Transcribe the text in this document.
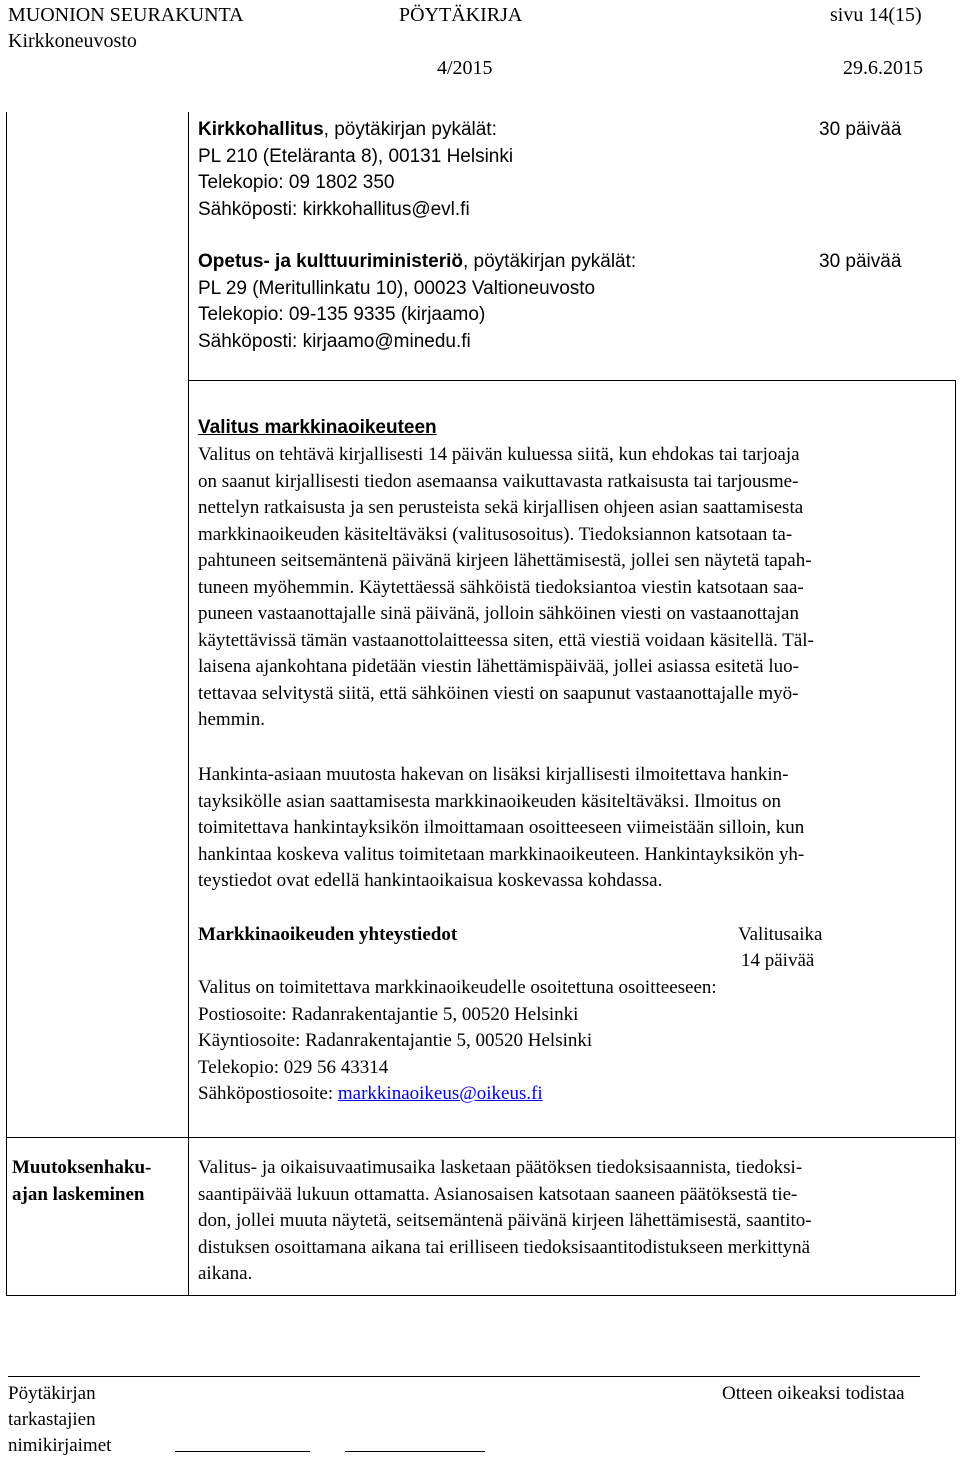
MUONION SEURAKUNTA
Kirkkoneuvosto
PÖYTÄKIRJA	sivu 14(15)
4/2015	29.6.2015
Kirkkohallitus, pöytäkirjan pykälät:
PL 210 (Eteläranta 8), 00131 Helsinki
Telekopio: 09 1802 350
Sähköposti: kirkkohallitus@evl.fi
30 päivää
Opetus- ja kulttuuriministeriö, pöytäkirjan pykälät:
PL 29 (Meritullinkatu 10), 00023 Valtioneuvosto
Telekopio: 09-135 9335 (kirjaamo)
Sähköposti: kirjaamo@minedu.fi
30 päivää
Valitus markkinaoikeuteen
Valitus on tehtävä kirjallisesti 14 päivän kuluessa siitä, kun ehdokas tai tarjoaja
on saanut kirjallisesti tiedon asemaansa vaikuttavasta ratkaisusta tai tarjousme-
nettelyn ratkaisusta ja sen perusteista sekä kirjallisen ohjeen asian saattamisesta
markkinaoikeuden käsiteltäväksi (valitusosoitus). Tiedoksiannon katsotaan ta-
pahtuneen seitsemäntenä päivänä kirjeen lähettämisestä, jollei sen näytetä tapah-
tuneen myöhemmin. Käytettäessä sähköistä tiedoksiantoa viestin katsotaan saa-
puneen vastaanottajalle sinä päivänä, jolloin sähköinen viesti on vastaanottajan
käytettävissä tämän vastaanottolaitteessa siten, että viestiä voidaan käsitellä. Täl-
laisena ajankohtana pidetään viestin lähettämispäivää, jollei asiassa esitetä luo-
tettavaa selvitystä siitä, että sähköinen viesti on saapunut vastaanottajalle myö-
hemmin.
Hankinta-asiaan muutosta hakevan on lisäksi kirjallisesti ilmoitettava hankin-
tayksikölle asian saattamisesta markkinaoikeuden käsiteltäväksi. Ilmoitus on
toimitettava hankintayksikön ilmoittamaan osoitteeseen viimeistään silloin, kun
hankintaa koskeva valitus toimitetaan markkinaoikeuteen. Hankintayksikön yh-
teystiedot ovat edellä hankintaoikaisua koskevassa kohdassa.
Markkinaoikeuden yhteystiedot	Valitusaika
14 päivää
Valitus on toimitettava markkinaoikeudelle osoitettuna osoitteeseen:
Postiosoite: Radanrakentajantie 5, 00520 Helsinki
Käyntiosoite: Radanrakentajantie 5, 00520 Helsinki
Telekopio: 029 56 43314
Sähköpostiosoite: markkinaoikeus@oikeus.fi
Muutoksenhaku-
ajan laskeminen
Valitus- ja oikaisuvaatimusaika lasketaan päätöksen tiedoksisaannista, tiedoksi-
saantipäivää lukuun ottamatta. Asianosaisen katsotaan saaneen päätöksestä tie-
don, jollei muuta näytetä, seitsemäntenä päivänä kirjeen lähettämisestä, saantito-
distuksen osoittamana aikana tai erilliseen tiedoksisaantitodistukseen merkittynä
aikana.
Pöytäkirjan
tarkastajien
nimikirjaimet
Otteen oikeaksi todistaa
